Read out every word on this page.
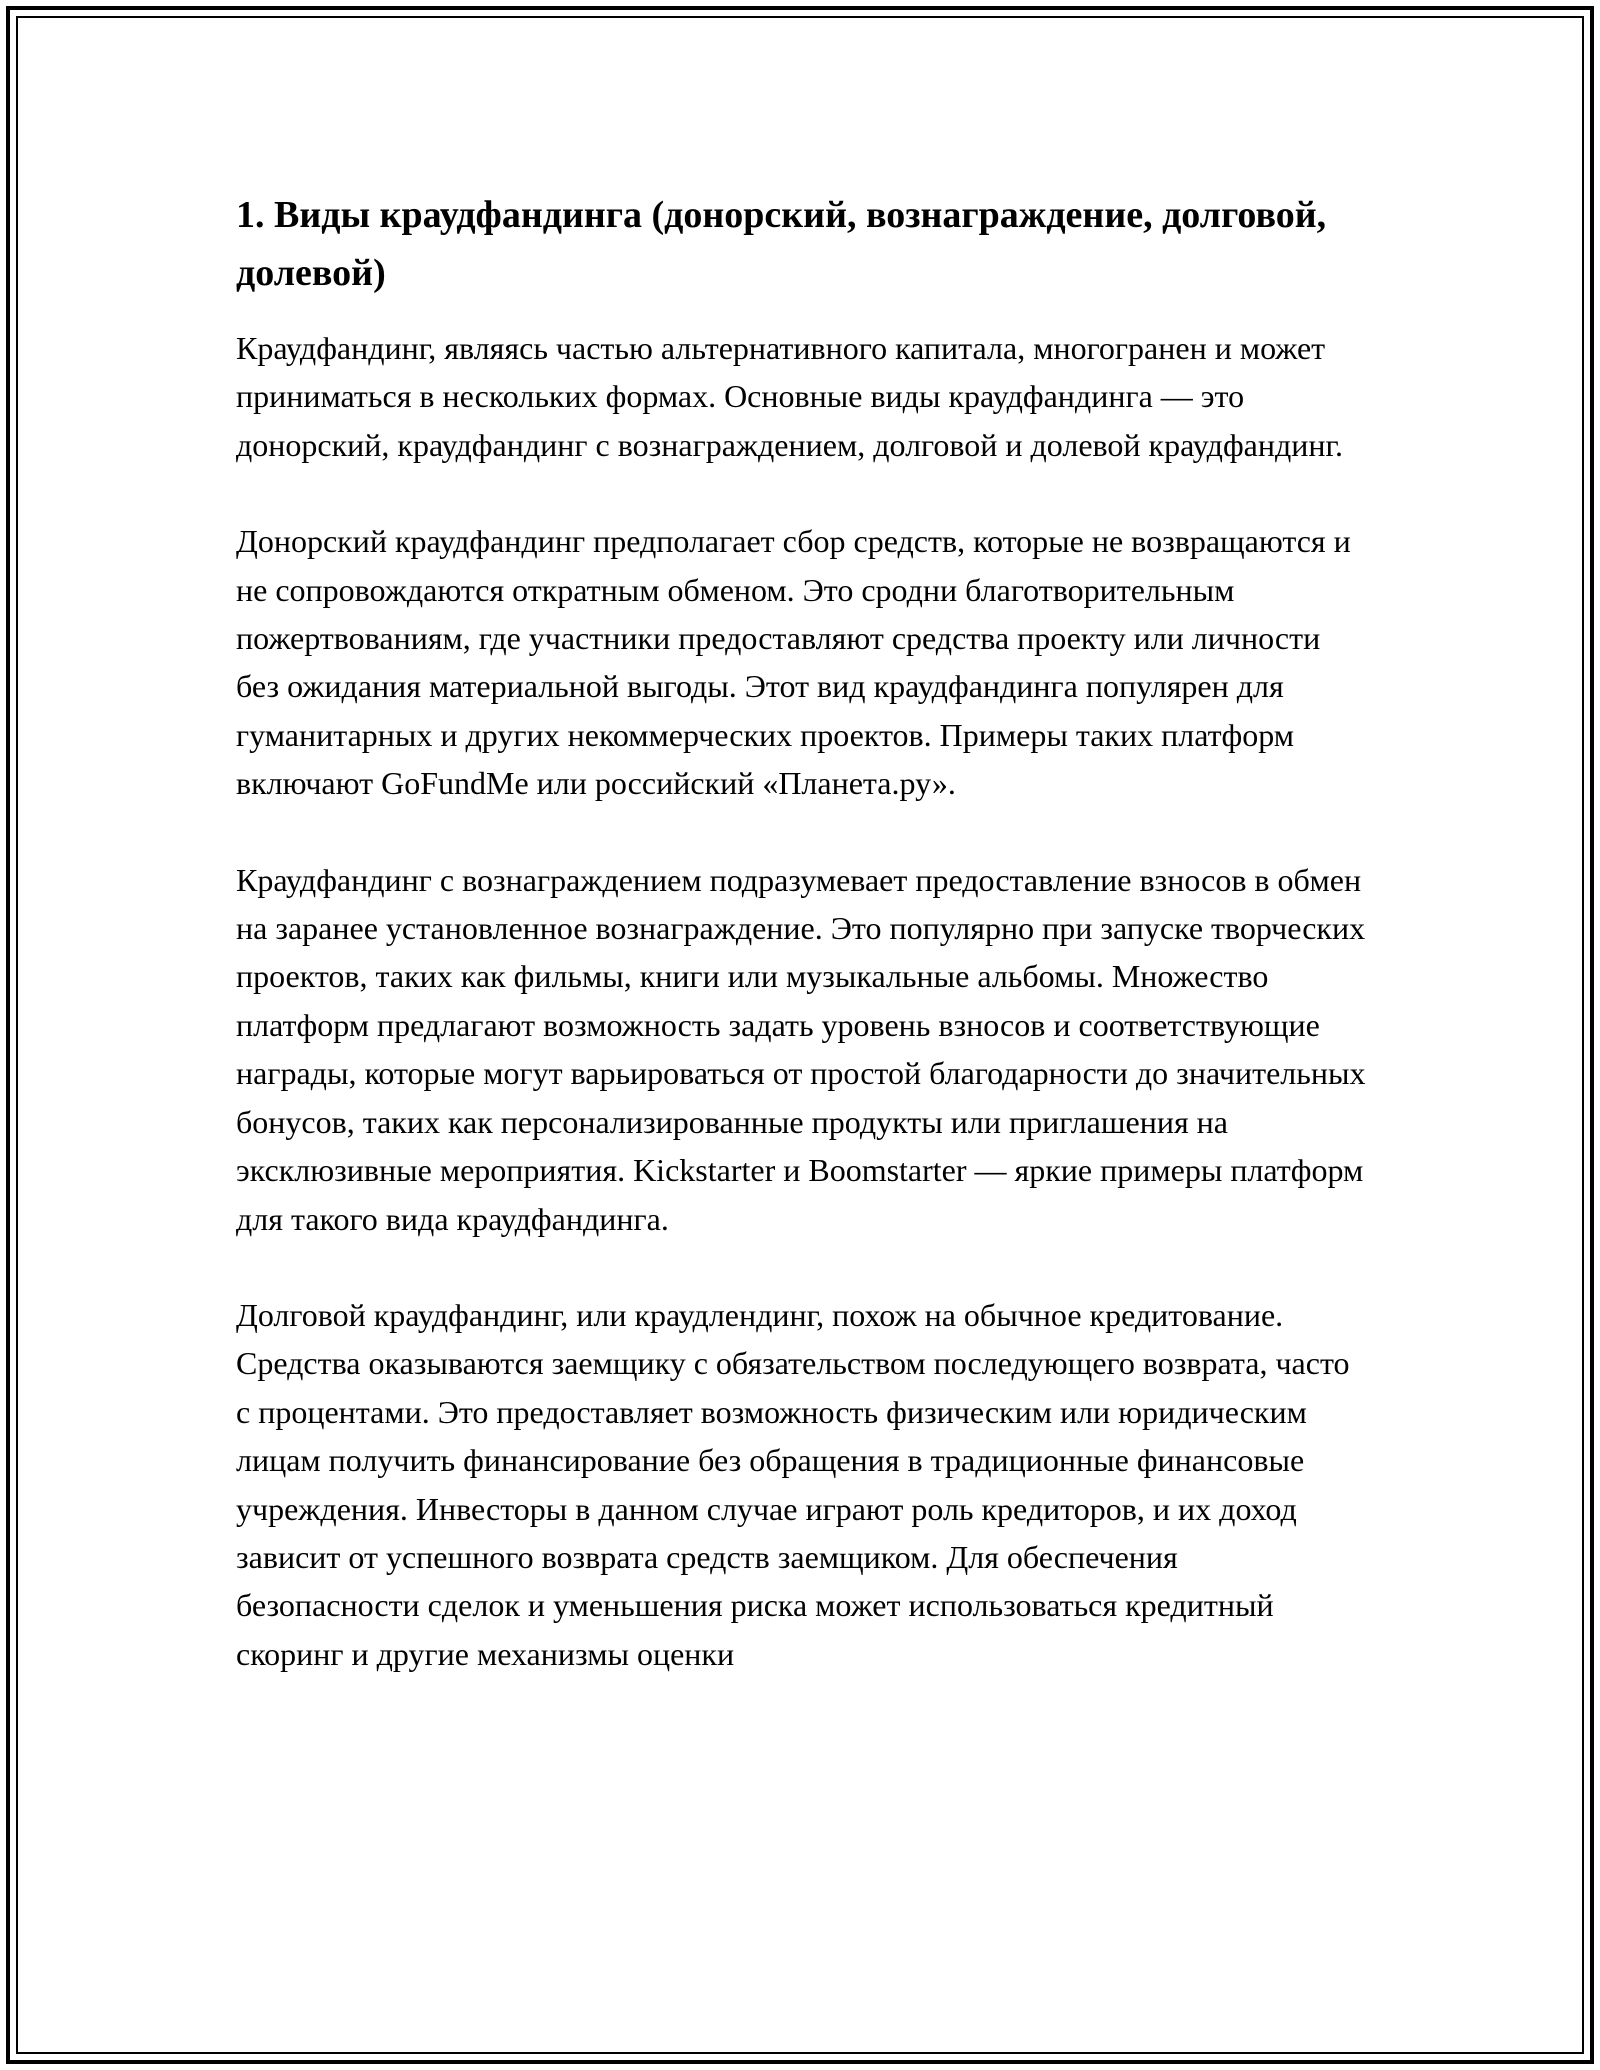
1. Виды краудфандинга (донорский, вознаграждение, долговой, долевой)

Краудфандинг, являясь частью альтернативного капитала, многогранен и может приниматься в нескольких формах. Основные виды краудфандинга — это донорский, краудфандинг с вознаграждением, долговой и долевой краудфандинг.

Донорский краудфандинг предполагает сбор средств, которые не возвращаются и не сопровождаются откратным обменом. Это сродни благотворительным пожертвованиям, где участники предоставляют средства проекту или личности без ожидания материальной выгоды. Этот вид краудфандинга популярен для гуманитарных и других некоммерческих проектов. Примеры таких платформ включают GoFundMe или российский «Планета.ру».

Краудфандинг с вознаграждением подразумевает предоставление взносов в обмен на заранее установленное вознаграждение. Это популярно при запуске творческих проектов, таких как фильмы, книги или музыкальные альбомы. Множество платформ предлагают возможность задать уровень взносов и соответствующие награды, которые могут варьироваться от простой благодарности до значительных бонусов, таких как персонализированные продукты или приглашения на эксклюзивные мероприятия. Kickstarter и Boomstarter — яркие примеры платформ для такого вида краудфандинга.

Долговой краудфандинг, или краудлендинг, похож на обычное кредитование. Средства оказываются заемщику с обязательством последующего возврата, часто с процентами. Это предоставляет возможность физическим или юридическим лицам получить финансирование без обращения в традиционные финансовые учреждения. Инвесторы в данном случае играют роль кредиторов, и их доход зависит от успешного возврата средств заемщиком. Для обеспечения безопасности сделок и уменьшения риска может использоваться кредитный скоринг и другие механизмы оценки
